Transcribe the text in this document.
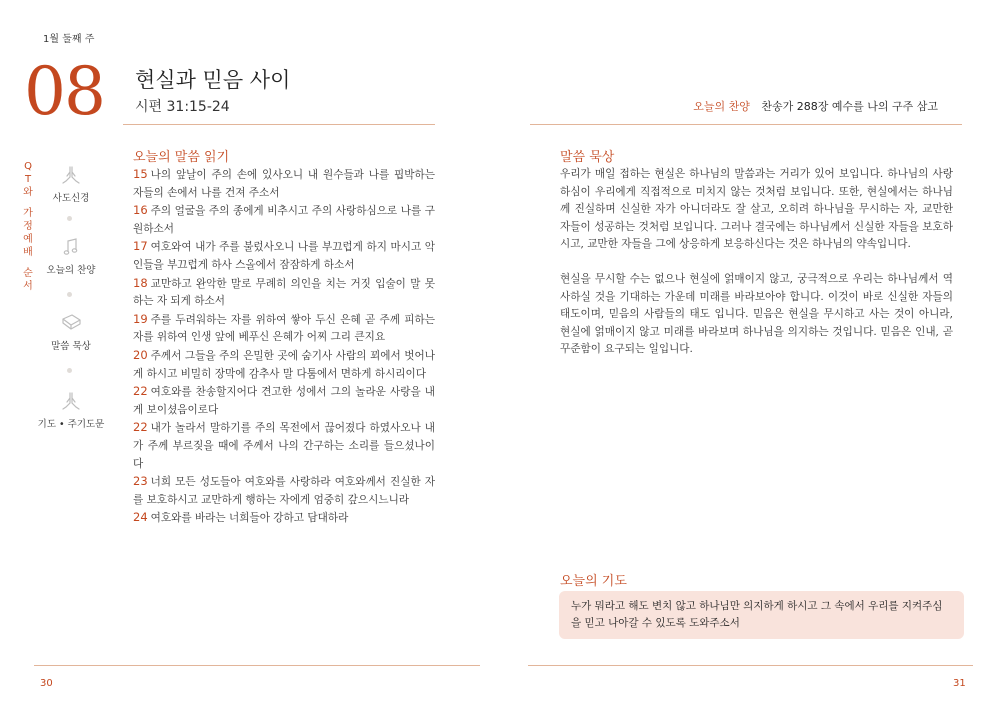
1월 둘째 주
08 현실과 믿음 사이
시편 31:15-24	오늘의 찬양 찬송가 288장 예수를 나의 구주 삼고
Q
T
와
가
정
예
배
순
서
사도신경
오늘의 찬양
말씀 묵상
기도 • 주기도문
오늘의 말씀 읽기
15 나의 앞날이 주의 손에 있사오니 내 원수들과 나를 핍박하는 자들의 손에서 나를 건져 주소서
16 주의 얼굴을 주의 종에게 비추시고 주의 사랑하심으로 나를 구원하소서
17 여호와여 내가 주를 불렀사오니 나를 부끄럽게 하지 마시고 악인들을 부끄럽게 하사 스올에서 잠잠하게 하소서
18 교만하고 완악한 말로 무례히 의인을 치는 거짓 입술이 말 못하는 자 되게 하소서
19 주를 두려워하는 자를 위하여 쌓아 두신 은혜 곧 주께 피하는 자를 위하여 인생 앞에 베푸신 은혜가 어찌 그리 큰지요
20 주께서 그들을 주의 은밀한 곳에 숨기사 사람의 꾀에서 벗어나게 하시고 비밀히 장막에 감추사 말 다툼에서 면하게 하시리이다
22 여호와를 찬송할지어다 견고한 성에서 그의 놀라운 사랑을 내게 보이셨음이로다
22 내가 놀라서 말하기를 주의 목전에서 끊어졌다 하였사오나 내가 주께 부르짖을 때에 주께서 나의 간구하는 소리를 들으셨나이다
23 너희 모든 성도들아 여호와를 사랑하라 여호와께서 진실한 자를 보호하시고 교만하게 행하는 자에게 엄중히 갚으시느니라
24 여호와를 바라는 너희들아 강하고 담대하라
말씀 묵상

우리가 매일 접하는 현실은 하나님의 말씀과는 거리가 있어 보입니다. 하나님의 사랑하심이 우리에게 직접적으로 미치지 않는 것처럼 보입니다. 또한, 현실에서는 하나님께 진실하며 신실한 자가 아니더라도 잘 살고, 오히려 하나님을 무시하는 자, 교만한 자들이 성공하는 것처럼 보입니다. 그러나 결국에는 하나님께서 신실한 자들을 보호하시고, 교만한 자들을 그에 상응하게 보응하신다는 것은 하나님의 약속입니다.

현실을 무시할 수는 없으나 현실에 얽매이지 않고, 궁극적으로 우리는 하나님께서 역사하실 것을 기대하는 가운데 미래를 바라보아야 합니다. 이것이 바로 신실한 자들의 태도이며, 믿음의 사람들의 태도 입니다. 믿음은 현실을 무시하고 사는 것이 아니라, 현실에 얽매이지 않고 미래를 바라보며 하나님을 의지하는 것입니다. 믿음은 인내, 곧 꾸준함이 요구되는 일입니다.

오늘의 기도
누가 뭐라고 해도 변치 않고 하나님만 의지하게 하시고 그 속에서 우리를 지켜주심을 믿고 나아갈 수 있도록 도와주소서
30	31
